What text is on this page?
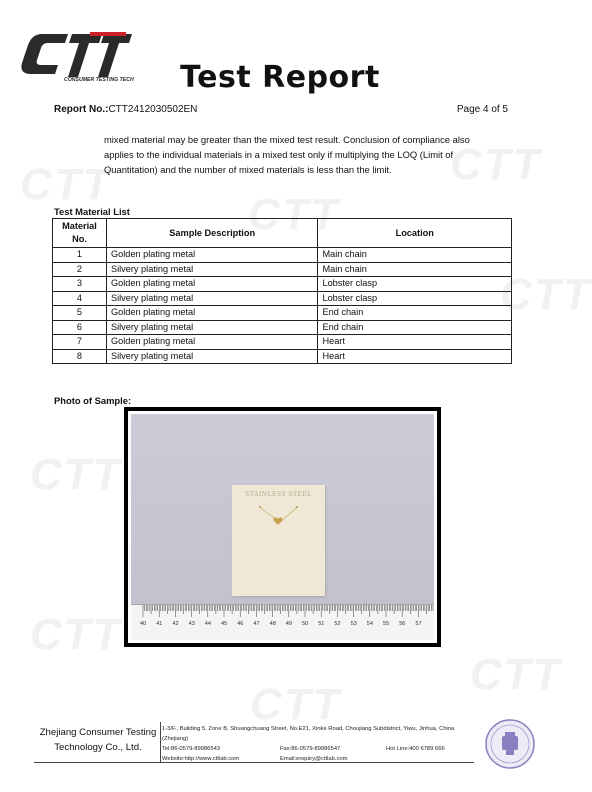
CTT
CTT
CTT
CTT
CTT
CTT
CTT
CTT
CONSUMER TESTING TECH	Test Report
Report No.:CTT2412030502EN	Page 4 of 5
mixed material may be greater than the mixed test result. Conclusion of compliance also
applies to the individual materials in a mixed test only if multiplying the LOQ (Limit of
Quantitation) and the number of mixed materials is less than the limit.
Test Material List
Material
No.	Sample Description	Location
1	Golden plating metal	Main chain
2	Silvery plating metal	Main chain
3	Golden plating metal	Lobster clasp
4	Silvery plating metal	Lobster clasp
5	Golden plating metal	End chain
6	Silvery plating metal	End chain
7	Golden plating metal	Heart
8	Silvery plating metal	Heart
Photo of Sample:
STAINLESS STEEL
40 41 42 43 44 45 46 47 48 49 50 51 52 53 54 55 56 57
Zhejiang Consumer Testing
Technology Co., Ltd.
1-3/F., Building 5, Zone B, Shuangchuang Street, No.E21, Xinke Road, Choujiang Subdistrict, Yiwu, Jinhua, China
(Zhejiang)
Tel:86-0579-89986543	Fax:86-0579-89986547	Hot Line:400 6789 666
Website:http://www.cttlab.com	Email:enquiry@cttlab.com
